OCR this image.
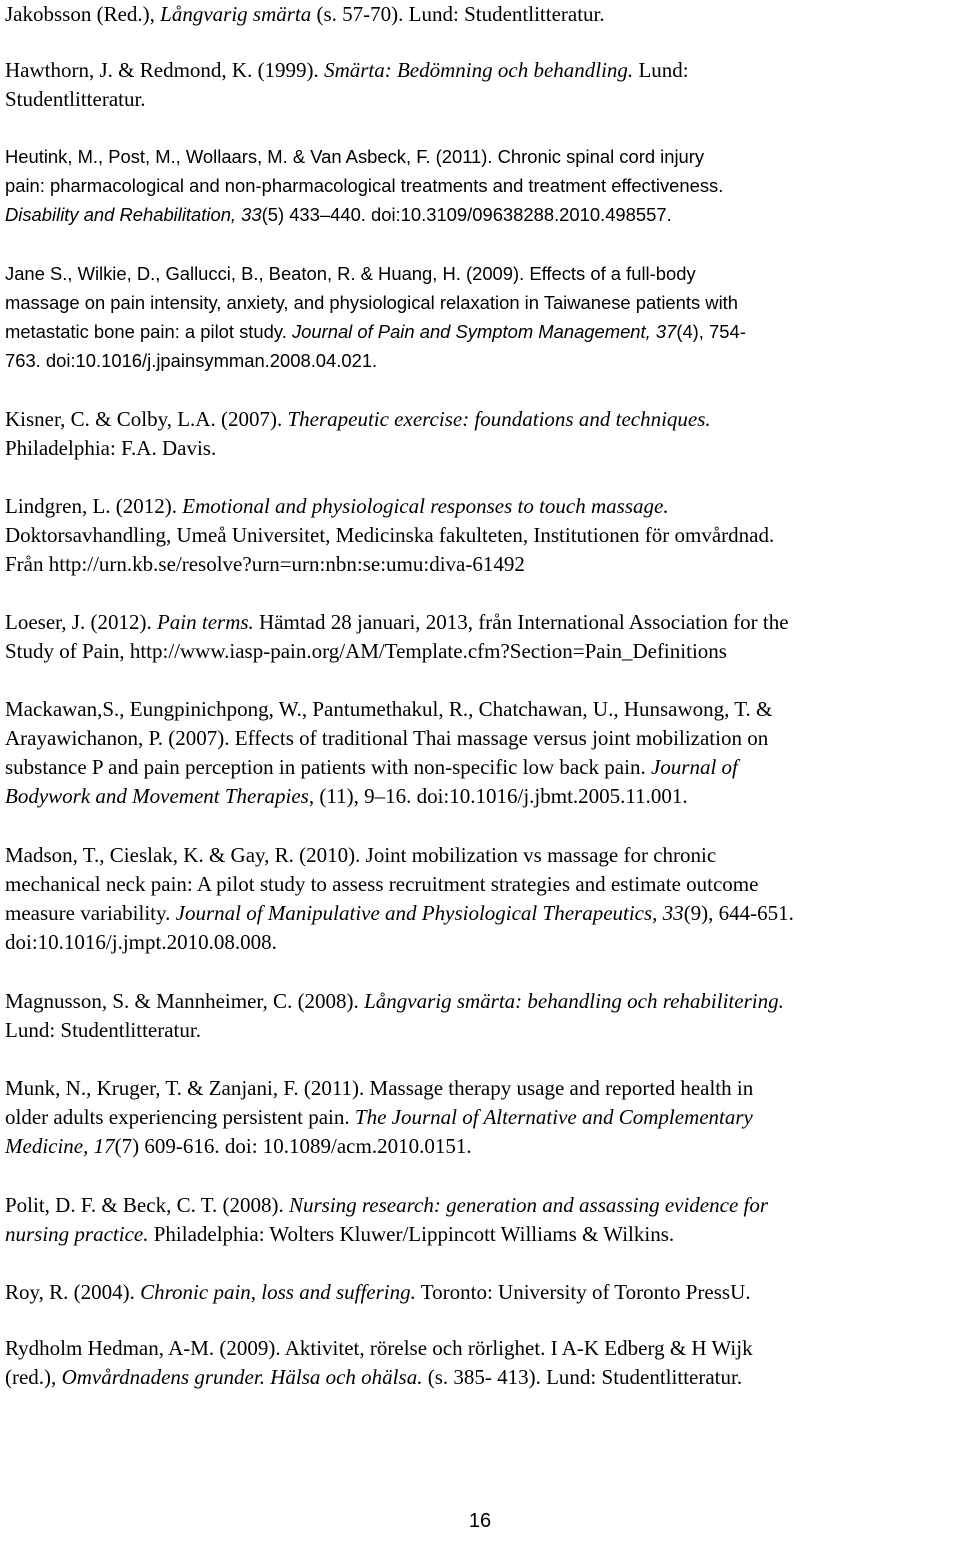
Jakobsson (Red.), Långvarig smärta (s. 57-70). Lund: Studentlitteratur.
Hawthorn, J. & Redmond, K. (1999). Smärta: Bedömning och behandling. Lund:
Studentlitteratur.
Heutink, M., Post, M., Wollaars, M. & Van Asbeck, F. (2011). Chronic spinal cord injury
pain: pharmacological and non-pharmacological treatments and treatment effectiveness.
Disability and Rehabilitation, 33(5) 433–440. doi:10.3109/09638288.2010.498557.
Jane S., Wilkie, D., Gallucci, B., Beaton, R. & Huang, H. (2009). Effects of a full-body
massage on pain intensity, anxiety, and physiological relaxation in Taiwanese patients with
metastatic bone pain: a pilot study. Journal of Pain and Symptom Management, 37(4), 754-
763. doi:10.1016/j.jpainsymman.2008.04.021.
Kisner, C. & Colby, L.A. (2007). Therapeutic exercise: foundations and techniques.
Philadelphia: F.A. Davis.
Lindgren, L. (2012). Emotional and physiological responses to touch massage.
Doktorsavhandling, Umeå Universitet, Medicinska fakulteten, Institutionen för omvårdnad.
Från http://urn.kb.se/resolve?urn=urn:nbn:se:umu:diva-61492
Loeser, J. (2012). Pain terms. Hämtad 28 januari, 2013, från International Association for the
Study of Pain, http://www.iasp-pain.org/AM/Template.cfm?Section=Pain_Definitions
Mackawan,S., Eungpinichpong, W., Pantumethakul, R., Chatchawan, U., Hunsawong, T. &
Arayawichanon, P. (2007). Effects of traditional Thai massage versus joint mobilization on
substance P and pain perception in patients with non-specific low back pain. Journal of
Bodywork and Movement Therapies, (11), 9–16. doi:10.1016/j.jbmt.2005.11.001.
Madson, T., Cieslak, K. & Gay, R. (2010). Joint mobilization vs massage for chronic
mechanical neck pain: A pilot study to assess recruitment strategies and estimate outcome
measure variability. Journal of Manipulative and Physiological Therapeutics, 33(9), 644-651.
doi:10.1016/j.jmpt.2010.08.008.
Magnusson, S. & Mannheimer, C. (2008). Långvarig smärta: behandling och rehabilitering.
Lund: Studentlitteratur.
Munk, N., Kruger, T. & Zanjani, F. (2011). Massage therapy usage and reported health in
older adults experiencing persistent pain. The Journal of Alternative and Complementary
Medicine, 17(7) 609-616. doi: 10.1089/acm.2010.0151.
Polit, D. F. & Beck, C. T. (2008). Nursing research: generation and assassing evidence for
nursing practice. Philadelphia: Wolters Kluwer/Lippincott Williams & Wilkins.
Roy, R. (2004). Chronic pain, loss and suffering. Toronto: University of Toronto PressU.
Rydholm Hedman, A-M. (2009). Aktivitet, rörelse och rörlighet. I A-K Edberg & H Wijk
(red.), Omvårdnadens grunder. Hälsa och ohälsa. (s. 385- 413). Lund: Studentlitteratur.
16
